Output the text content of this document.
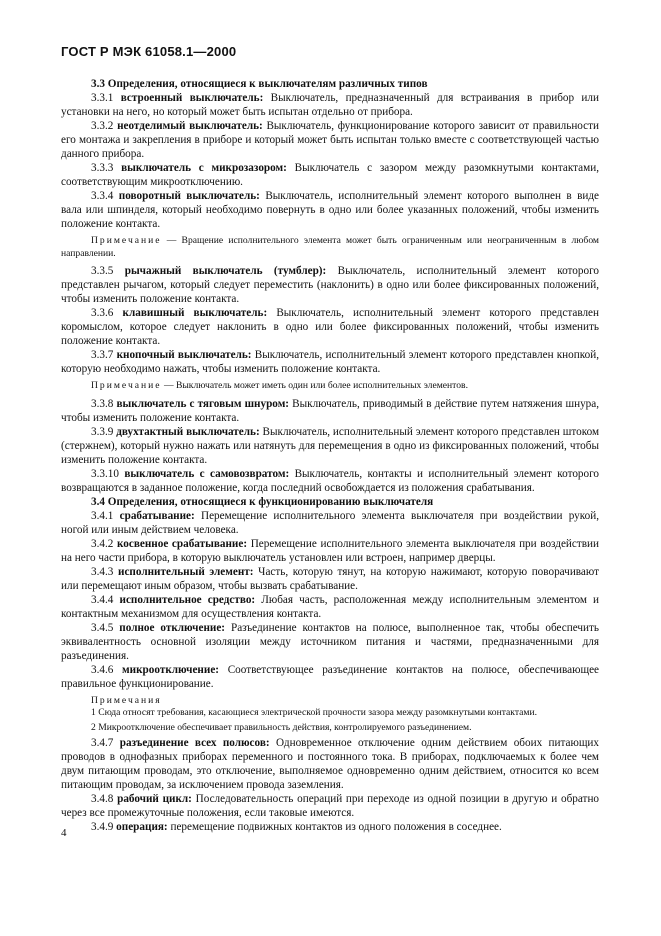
ГОСТ Р МЭК 61058.1—2000

3.3 Определения, относящиеся к выключателям различных типов

3.3.1 встроенный выключатель: Выключатель, предназначенный для встраивания в прибор или установки на него, но который может быть испытан отдельно от прибора.

3.3.2 неотделимый выключатель: Выключатель, функционирование которого зависит от правильности его монтажа и закрепления в приборе и который может быть испытан только вместе с соответствующей частью данного прибора.

3.3.3 выключатель с микрозазором: Выключатель с зазором между разомкнутыми контактами, соответствующим микроотключению.

3.3.4 поворотный выключатель: Выключатель, исполнительный элемент которого выполнен в виде вала или шпинделя, который необходимо повернуть в одно или более указанных положений, чтобы изменить положение контакта.

Примечание — Вращение исполнительного элемента может быть ограниченным или неограниченным в любом направлении.

3.3.5 рычажный выключатель (тумблер): Выключатель, исполнительный элемент которого представлен рычагом, который следует переместить (наклонить) в одно или более фиксированных положений, чтобы изменить положение контакта.

3.3.6 клавишный выключатель: Выключатель, исполнительный элемент которого представлен коромыслом, которое следует наклонить в одно или более фиксированных положений, чтобы изменить положение контакта.

3.3.7 кнопочный выключатель: Выключатель, исполнительный элемент которого представлен кнопкой, которую необходимо нажать, чтобы изменить положение контакта.

Примечание — Выключатель может иметь один или более исполнительных элементов.

3.3.8 выключатель с тяговым шнуром: Выключатель, приводимый в действие путем натяжения шнура, чтобы изменить положение контакта.

3.3.9 двухтактный выключатель: Выключатель, исполнительный элемент которого представлен штоком (стержнем), который нужно нажать или натянуть для перемещения в одно из фиксированных положений, чтобы изменить положение контакта.

3.3.10 выключатель с самовозвратом: Выключатель, контакты и исполнительный элемент которого возвращаются в заданное положение, когда последний освобождается из положения срабатывания.

3.4 Определения, относящиеся к функционированию выключателя

3.4.1 срабатывание: Перемещение исполнительного элемента выключателя при воздействии рукой, ногой или иным действием человека.

3.4.2 косвенное срабатывание: Перемещение исполнительного элемента выключателя при воздействии на него части прибора, в которую выключатель установлен или встроен, например дверцы.

3.4.3 исполнительный элемент: Часть, которую тянут, на которую нажимают, которую поворачивают или перемещают иным образом, чтобы вызвать срабатывание.

3.4.4 исполнительное средство: Любая часть, расположенная между исполнительным элементом и контактным механизмом для осуществления контакта.

3.4.5 полное отключение: Разъединение контактов на полюсе, выполненное так, чтобы обеспечить эквивалентность основной изоляции между источником питания и частями, предназначенными для разъединения.

3.4.6 микроотключение: Соответствующее разъединение контактов на полюсе, обеспечивающее правильное функционирование.

Примечания

1 Сюда относят требования, касающиеся электрической прочности зазора между разомкнутыми контактами.

2 Микроотключение обеспечивает правильность действия, контролируемого разъединением.

3.4.7 разъединение всех полюсов: Одновременное отключение одним действием обоих питающих проводов в однофазных приборах переменного и постоянного тока. В приборах, подключаемых к более чем двум питающим проводам, это отключение, выполняемое одновременно одним действием, относится ко всем питающим проводам, за исключением провода заземления.

3.4.8 рабочий цикл: Последовательность операций при переходе из одной позиции в другую и обратно через все промежуточные положения, если таковые имеются.

3.4.9 операция: перемещение подвижных контактов из одного положения в соседнее.

4
